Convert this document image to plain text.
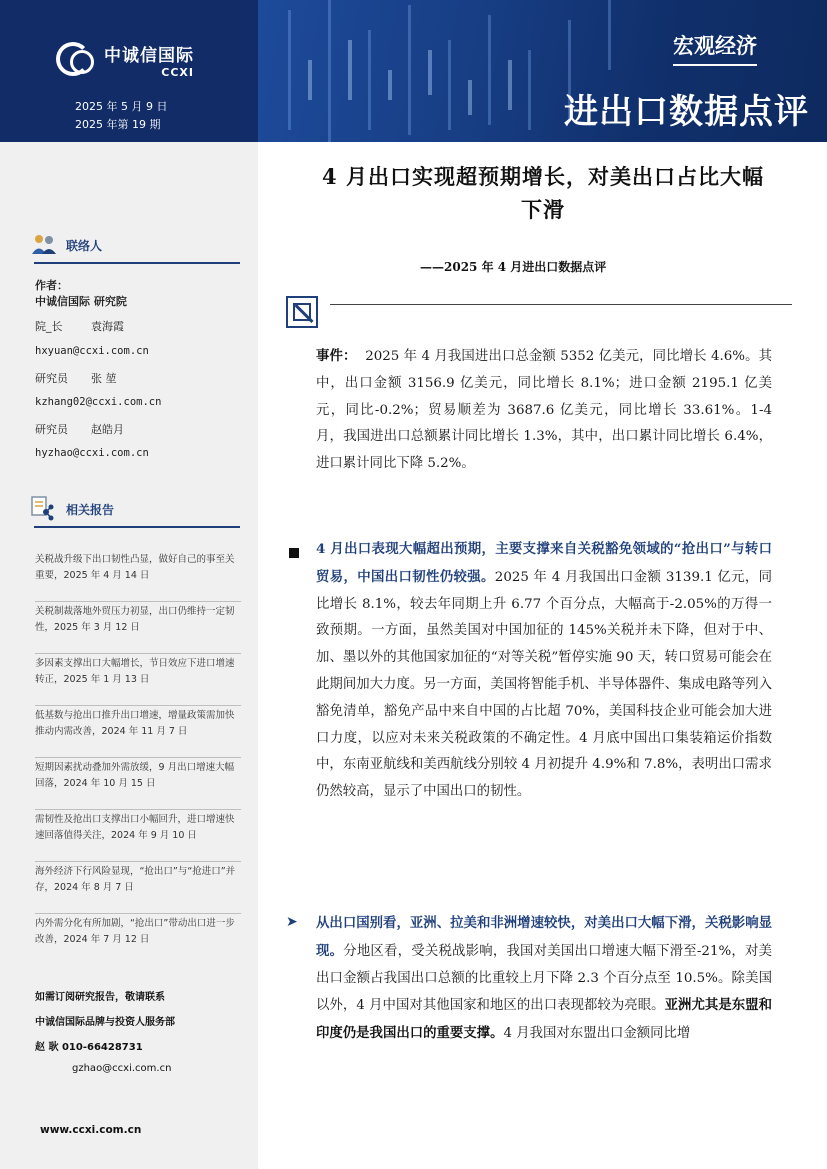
中诚信国际
CCXI
2025 年 5 月 9 日
2025 年第 19 期
宏观经济
进出口数据点评
联络人
作者：
中诚信国际 研究院
院_长	袁海霞
hxyuan@ccxi.com.cn
研究员 张 堃
kzhang02@ccxi.com.cn
研究员 赵皓月
hyzhao@ccxi.com.cn
相关报告
关税战升级下出口韧性凸显，做好自己的事至关重要，2025 年 4 月 14 日
关税制裁落地外贸压力初显，出口仍维持一定韧性，2025 年 3 月 12 日
多因素支撑出口大幅增长，节日效应下进口增速转正，2025 年 1 月 13 日
低基数与抢出口推升出口增速，增量政策需加快推动内需改善，2024 年 11 月 7 日
短期因素扰动叠加外需放缓，9 月出口增速大幅回落，2024 年 10 月 15 日
需韧性及抢出口支撑出口小幅回升，进口增速快速回落值得关注，2024 年 9 月 10 日
海外经济下行风险显现，“抢出口”与“抢进口”并存，2024 年 8 月 7 日
内外需分化有所加剧，“抢出口”带动出口进一步改善，2024 年 7 月 12 日
如需订阅研究报告，敬请联系
中诚信国际品牌与投资人服务部
赵 耿 010-66428731
gzhao@ccxi.com.cn
www.ccxi.com.cn
4 月出口实现超预期增长，对美出口占比大幅
下滑
——2025 年 4 月进出口数据点评
事件： 2025 年 4 月我国进出口总金额 5352 亿美元，同比增长 4.6%。其中，出口金额 3156.9 亿美元，同比增长 8.1%；进口金额 2195.1 亿美元，同比-0.2%；贸易顺差为 3687.6 亿美元，同比增长 33.61%。1-4 月，我国进出口总额累计同比增长 1.3%，其中，出口累计同比增长 6.4%，进口累计同比下降 5.2%。
4 月出口表现大幅超出预期，主要支撑来自关税豁免领域的“抢出口”与转口贸易，中国出口韧性仍较强。2025 年 4 月我国出口金额 3139.1 亿元，同比增长 8.1%，较去年同期上升 6.77 个百分点，大幅高于-2.05%的万得一致预期。一方面，虽然美国对中国加征的 145%关税并未下降，但对于中、加、墨以外的其他国家加征的“对等关税”暂停实施 90 天，转口贸易可能会在此期间加大力度。另一方面，美国将智能手机、半导体器件、集成电路等列入豁免清单，豁免产品中来自中国的占比超 70%，美国科技企业可能会加大进口力度，以应对未来关税政策的不确定性。4 月底中国出口集装箱运价指数中，东南亚航线和美西航线分别较 4 月初提升 4.9%和 7.8%，表明出口需求仍然较高，显示了中国出口的韧性。
➤ 从出口国别看，亚洲、拉美和非洲增速较快，对美出口大幅下滑，关税影响显现。分地区看，受关税战影响，我国对美国出口增速大幅下滑至-21%，对美出口金额占我国出口总额的比重较上月下降 2.3 个百分点至 10.5%。除美国以外，4 月中国对其他国家和地区的出口表现都较为亮眼。亚洲尤其是东盟和印度仍是我国出口的重要支撑。4 月我国对东盟出口金额同比增
